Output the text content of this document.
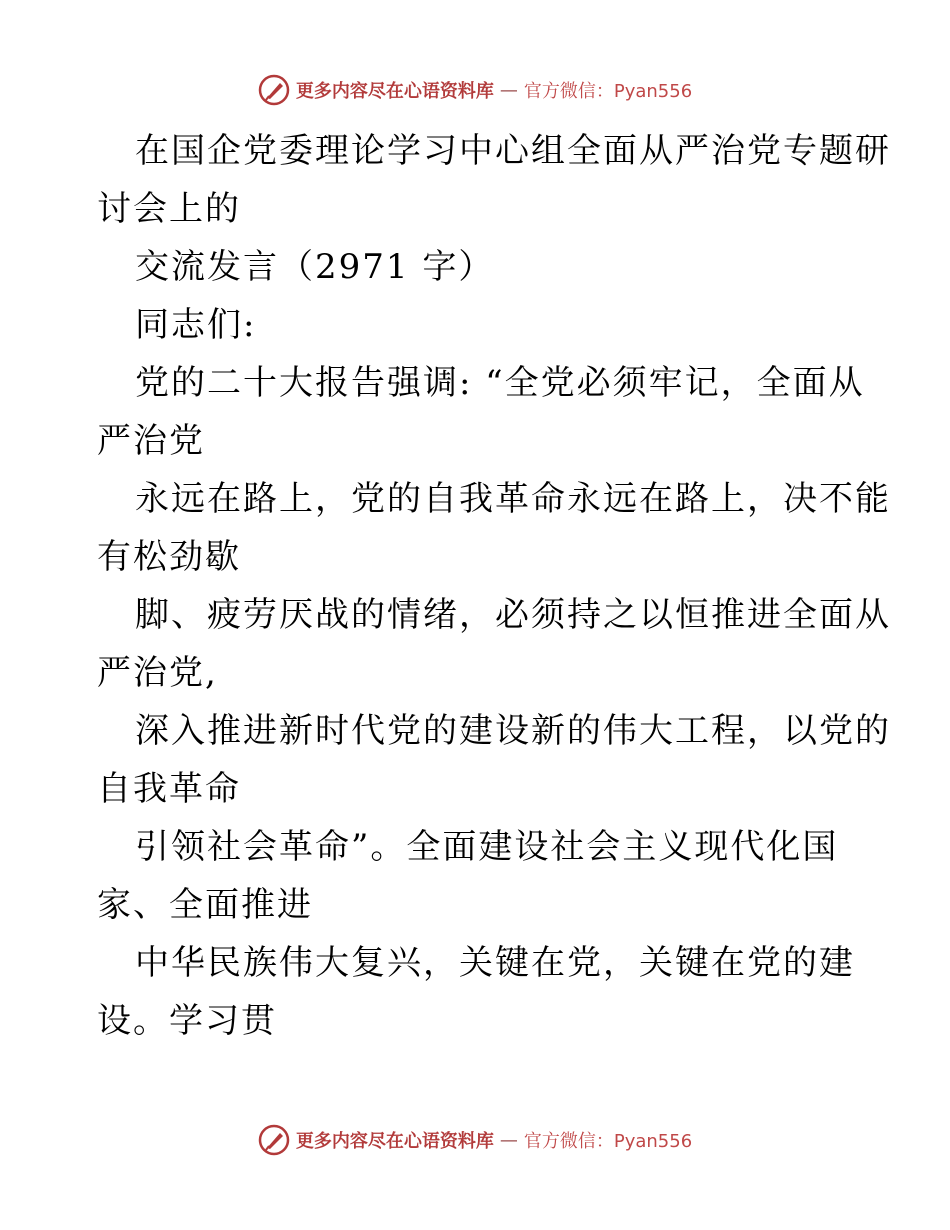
更多内容尽在心语资料库 — 官方微信：Pyan556
在国企党委理论学习中心组全面从严治党专题研
讨会上的
交流发言（2971 字）
同志们:
党的二十大报告强调: “全党必须牢记，全面从
严治党
永远在路上，党的自我革命永远在路上，决不能
有松劲歇
脚、疲劳厌战的情绪，必须持之以恒推进全面从
严治党,
深入推进新时代党的建设新的伟大工程，以党的
自我革命
引领社会革命”。全面建设社会主义现代化国
家、全面推进
中华民族伟大复兴，关键在党，关键在党的建
设。学习贯
更多内容尽在心语资料库 — 官方微信：Pyan556
